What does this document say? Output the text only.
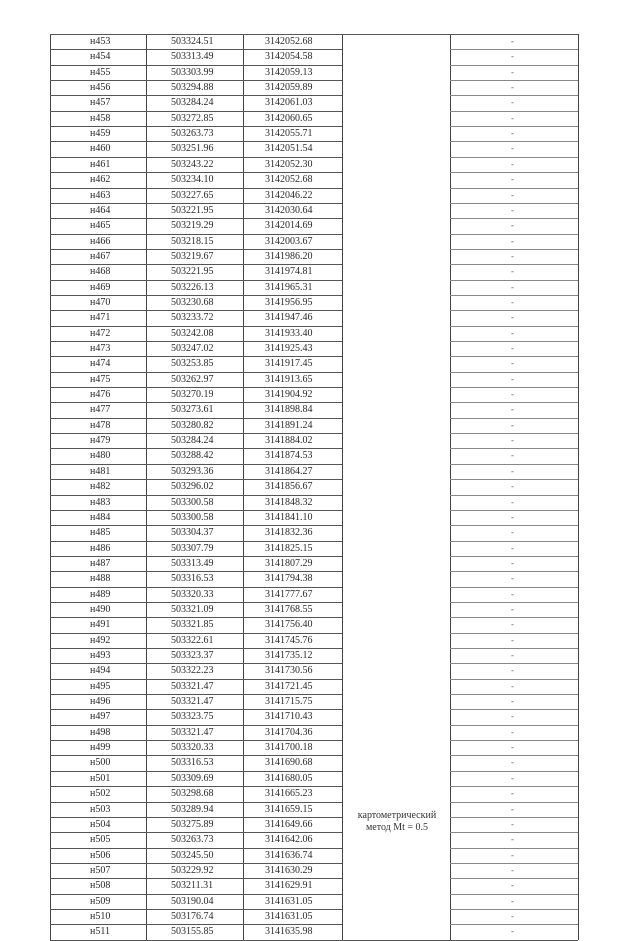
картометрический
метод Mt = 0.5
н453	503324.51	3142052.68	-
н454	503313.49	3142054.58	-
н455	503303.99	3142059.13	-
н456	503294.88	3142059.89	-
н457	503284.24	3142061.03	-
н458	503272.85	3142060.65	-
н459	503263.73	3142055.71	-
н460	503251.96	3142051.54	-
н461	503243.22	3142052.30	-
н462	503234.10	3142052.68	-
н463	503227.65	3142046.22	-
н464	503221.95	3142030.64	-
н465	503219.29	3142014.69	-
н466	503218.15	3142003.67	-
н467	503219.67	3141986.20	-
н468	503221.95	3141974.81	-
н469	503226.13	3141965.31	-
н470	503230.68	3141956.95	-
н471	503233.72	3141947.46	-
н472	503242.08	3141933.40	-
н473	503247.02	3141925.43	-
н474	503253.85	3141917.45	-
н475	503262.97	3141913.65	-
н476	503270.19	3141904.92	-
н477	503273.61	3141898.84	-
н478	503280.82	3141891.24	-
н479	503284.24	3141884.02	-
н480	503288.42	3141874.53	-
н481	503293.36	3141864.27	-
н482	503296.02	3141856.67	-
н483	503300.58	3141848.32	-
н484	503300.58	3141841.10	-
н485	503304.37	3141832.36	-
н486	503307.79	3141825.15	-
н487	503313.49	3141807.29	-
н488	503316.53	3141794.38	-
н489	503320.33	3141777.67	-
н490	503321.09	3141768.55	-
н491	503321.85	3141756.40	-
н492	503322.61	3141745.76	-
н493	503323.37	3141735.12	-
н494	503322.23	3141730.56	-
н495	503321.47	3141721.45	-
н496	503321.47	3141715.75	-
н497	503323.75	3141710.43	-
н498	503321.47	3141704.36	-
н499	503320.33	3141700.18	-
н500	503316.53	3141690.68	-
н501	503309.69	3141680.05	-
н502	503298.68	3141665.23	-
н503	503289.94	3141659.15	-
н504	503275.89	3141649.66	-
н505	503263.73	3141642.06	-
н506	503245.50	3141636.74	-
н507	503229.92	3141630.29	-
н508	503211.31	3141629.91	-
н509	503190.04	3141631.05	-
н510	503176.74	3141631.05	-
н511	503155.85	3141635.98	-
